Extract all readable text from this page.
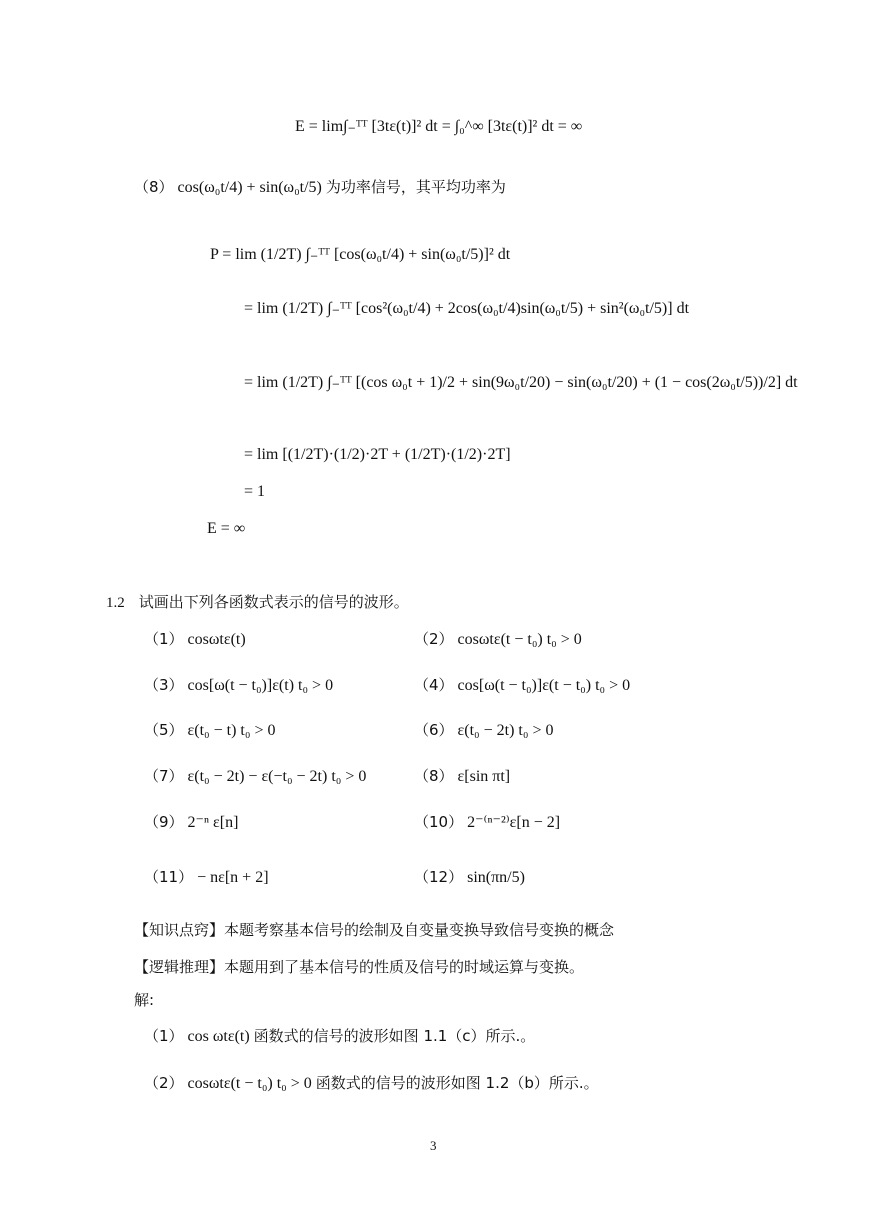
E = lim∫₋ᵀᵀ [3tε(t)]² dt = ∫₀^∞ [3tε(t)]² dt = ∞
（8） cos(ω₀t/4) + sin(ω₀t/5) 为功率信号，其平均功率为
P = lim (1/2T) ∫₋ᵀᵀ [cos(ω₀t/4) + sin(ω₀t/5)]² dt
= lim (1/2T) ∫₋ᵀᵀ [cos²(ω₀t/4) + 2cos(ω₀t/4)sin(ω₀t/5) + sin²(ω₀t/5)] dt
= lim (1/2T) ∫₋ᵀᵀ [(cos ω₀t + 1)/2 + sin(9ω₀t/20) − sin(ω₀t/20) + (1 − cos(2ω₀t/5))/2] dt
= lim [(1/2T)·(1/2)·2T + (1/2T)·(1/2)·2T]
= 1
E = ∞
1.2 试画出下列各函数式表示的信号的波形。
（1） cosωtε(t)	（2） cosωtε(t − t₀) t₀ > 0
（3） cos[ω(t − t₀)]ε(t) t₀ > 0	（4） cos[ω(t − t₀)]ε(t − t₀) t₀ > 0
（5） ε(t₀ − t) t₀ > 0	（6） ε(t₀ − 2t) t₀ > 0
（7） ε(t₀ − 2t) − ε(−t₀ − 2t) t₀ > 0	（8） ε[sin πt]
（9） 2⁻ⁿ ε[n]	（10） 2⁻⁽ⁿ⁻²⁾ε[n − 2]
（11） − nε[n + 2]	（12） sin(πn/5)
【知识点窍】本题考察基本信号的绘制及自变量变换导致信号变换的概念
【逻辑推理】本题用到了基本信号的性质及信号的时域运算与变换。
解:
（1） cos ωtε(t) 函数式的信号的波形如图 1.1（c）所示.。
（2） cosωtε(t − t₀) t₀ > 0 函数式的信号的波形如图 1.2（b）所示.。
3
